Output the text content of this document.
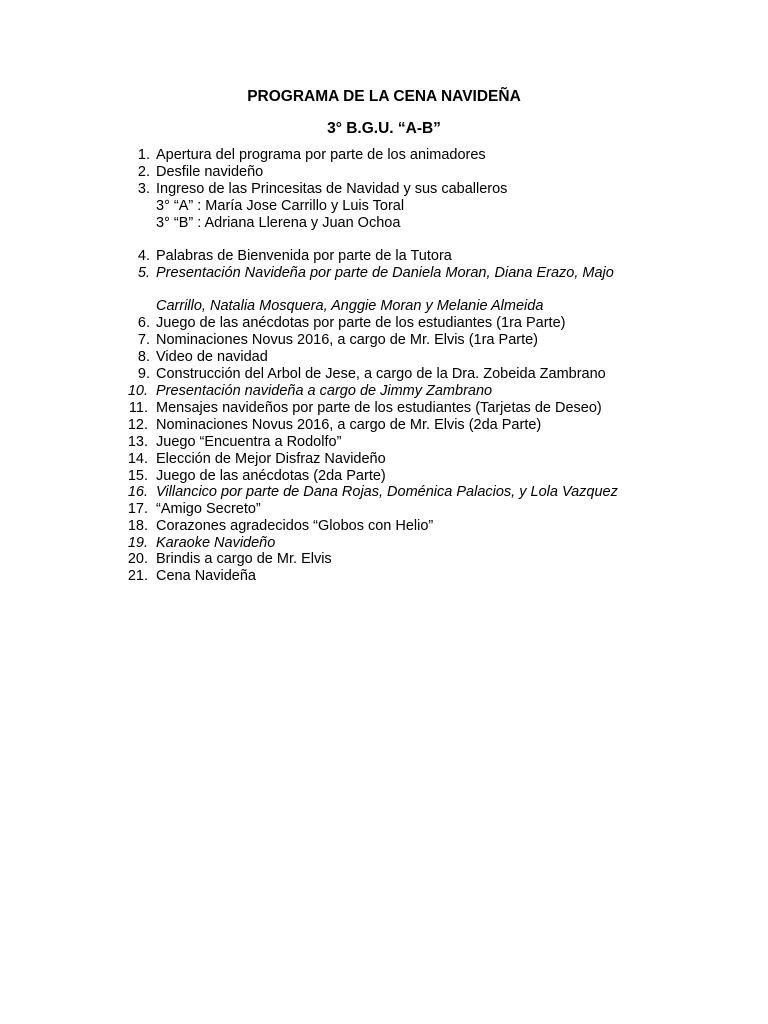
PROGRAMA DE LA CENA NAVIDEÑA
3° B.G.U. “A-B”
1. Apertura del programa por parte de los animadores
2. Desfile navideño
3. Ingreso de las Princesitas de Navidad y sus caballeros
3° “A” : María Jose Carrillo y Luis Toral
3° “B” : Adriana Llerena y Juan Ochoa
4. Palabras de Bienvenida por parte de la Tutora
5. Presentación Navideña por parte de Daniela Moran, Diana Erazo, Majo
Carrillo, Natalia Mosquera, Anggie Moran y Melanie Almeida
6. Juego de las anécdotas por parte de los estudiantes (1ra Parte)
7. Nominaciones Novus 2016, a cargo de Mr. Elvis (1ra Parte)
8. Video de navidad
9. Construcción del Arbol de Jese, a cargo de la Dra. Zobeida Zambrano
10. Presentación navideña a cargo de Jimmy Zambrano
11. Mensajes navideños por parte de los estudiantes (Tarjetas de Deseo)
12. Nominaciones Novus 2016, a cargo de Mr. Elvis (2da Parte)
13. Juego “Encuentra a Rodolfo”
14. Elección de Mejor Disfraz Navideño
15. Juego de las anécdotas (2da Parte)
16. Villancico por parte de Dana Rojas, Doménica Palacios, y Lola Vazquez
17. “Amigo Secreto”
18. Corazones agradecidos “Globos con Helio”
19. Karaoke Navideño
20. Brindis a cargo de Mr. Elvis
21. Cena Navideña
